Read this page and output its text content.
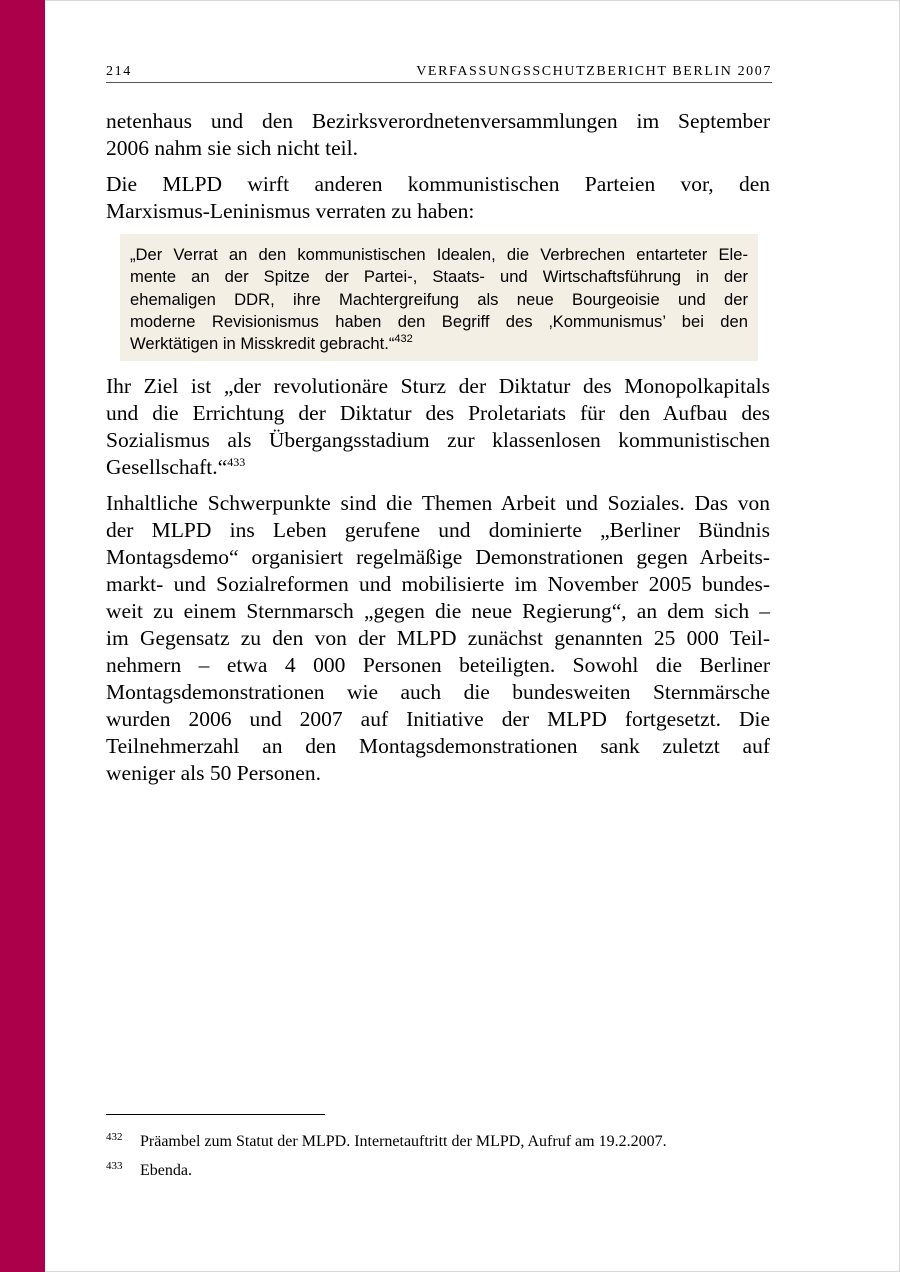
214	VERFASSUNGSSCHUTZBERICHT BERLIN 2007
netenhaus und den Bezirksverordnetenversammlungen im September
2006 nahm sie sich nicht teil.
Die MLPD wirft anderen kommunistischen Parteien vor, den
Marxismus-Leninismus verraten zu haben:
„Der Verrat an den kommunistischen Idealen, die Verbrechen entarteter Ele-
mente an der Spitze der Partei-, Staats- und Wirtschaftsführung in der
ehemaligen DDR, ihre Machtergreifung als neue Bourgeoisie und der
moderne Revisionismus haben den Begriff des ‚Kommunismus’ bei den
Werktätigen in Misskredit gebracht.“$^{432}$
Ihr Ziel ist „der revolutionäre Sturz der Diktatur des Monopolkapitals
und die Errichtung der Diktatur des Proletariats für den Aufbau des
Sozialismus als Übergangsstadium zur klassenlosen kommunistischen
Gesellschaft.“$^{433}$
Inhaltliche Schwerpunkte sind die Themen Arbeit und Soziales. Das von
der MLPD ins Leben gerufene und dominierte „Berliner Bündnis
Montagsdemo“ organisiert regelmäßige Demonstrationen gegen Arbeits-
markt- und Sozialreformen und mobilisierte im November 2005 bundes-
weit zu einem Sternmarsch „gegen die neue Regierung“, an dem sich –
im Gegensatz zu den von der MLPD zunächst genannten 25 000 Teil-
nehmern – etwa 4 000 Personen beteiligten. Sowohl die Berliner
Montagsdemonstrationen wie auch die bundesweiten Sternmärsche
wurden 2006 und 2007 auf Initiative der MLPD fortgesetzt. Die
Teilnehmerzahl an den Montagsdemonstrationen sank zuletzt auf
weniger als 50 Personen.
432 Präambel zum Statut der MLPD. Internetauftritt der MLPD, Aufruf am 19.2.2007.
433 Ebenda.
